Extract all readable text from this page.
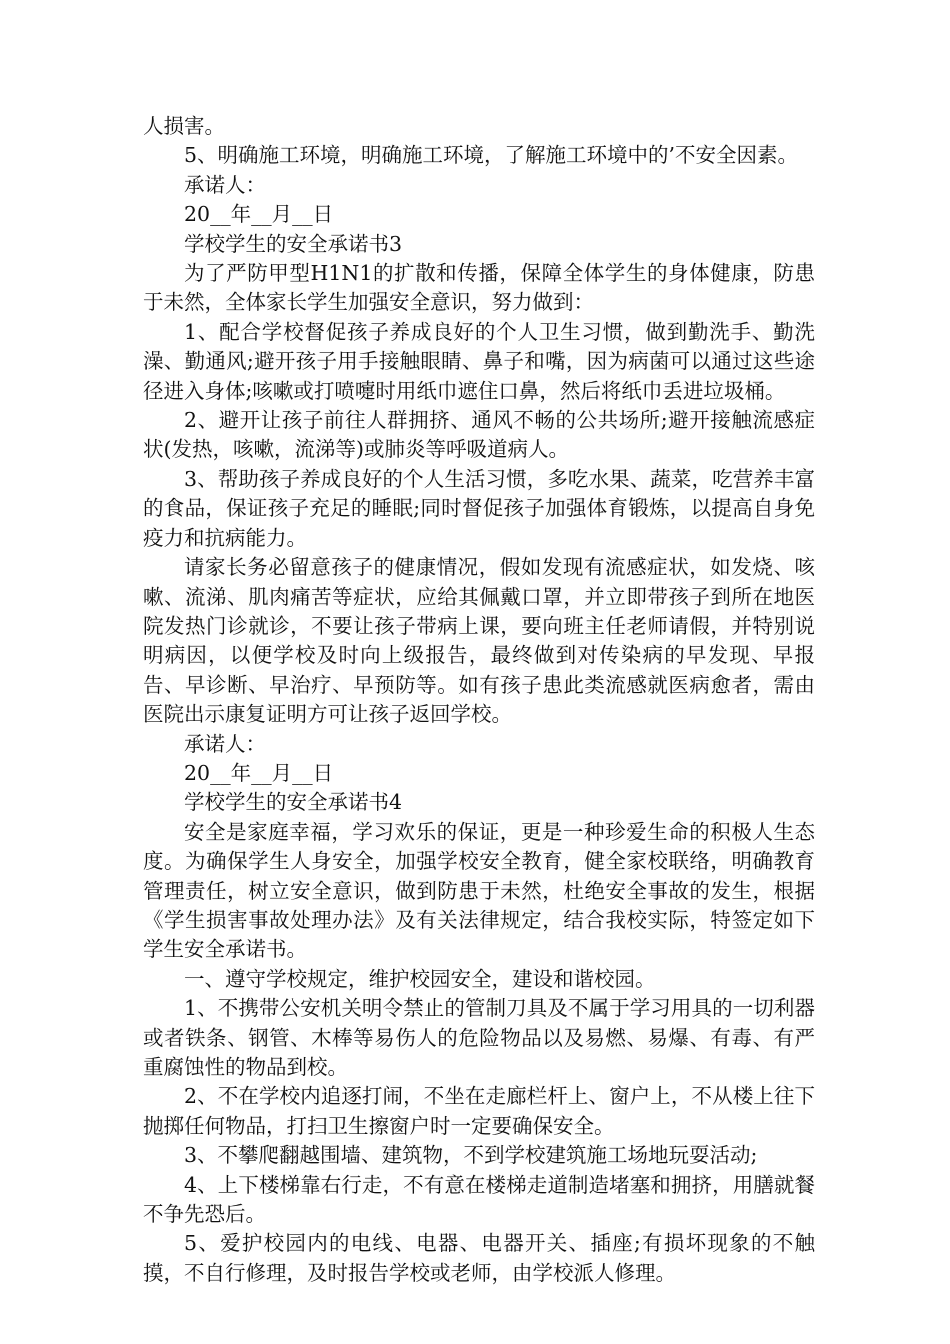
人损害。

5、明确施工环境，明确施工环境，了解施工环境中的’不安全因素。

承诺人：

20__年__月__日

学校学生的安全承诺书3

为了严防甲型H1N1的扩散和传播，保障全体学生的身体健康，防患于未然，全体家长学生加强安全意识，努力做到：

1、配合学校督促孩子养成良好的个人卫生习惯，做到勤洗手、勤洗澡、勤通风;避开孩子用手接触眼睛、鼻子和嘴，因为病菌可以通过这些途径进入身体;咳嗽或打喷嚏时用纸巾遮住口鼻，然后将纸巾丢进垃圾桶。

2、避开让孩子前往人群拥挤、通风不畅的公共场所;避开接触流感症状(发热，咳嗽，流涕等)或肺炎等呼吸道病人。

3、帮助孩子养成良好的个人生活习惯，多吃水果、蔬菜，吃营养丰富的食品，保证孩子充足的睡眠;同时督促孩子加强体育锻炼，以提高自身免疫力和抗病能力。

请家长务必留意孩子的健康情况，假如发现有流感症状，如发烧、咳嗽、流涕、肌肉痛苦等症状，应给其佩戴口罩，并立即带孩子到所在地医院发热门诊就诊，不要让孩子带病上课，要向班主任老师请假，并特别说明病因，以便学校及时向上级报告，最终做到对传染病的早发现、早报告、早诊断、早治疗、早预防等。如有孩子患此类流感就医病愈者，需由医院出示康复证明方可让孩子返回学校。

承诺人：

20__年__月__日

学校学生的安全承诺书4

安全是家庭幸福，学习欢乐的保证，更是一种珍爱生命的积极人生态度。为确保学生人身安全，加强学校安全教育，健全家校联络，明确教育管理责任，树立安全意识，做到防患于未然，杜绝安全事故的发生，根据《学生损害事故处理办法》及有关法律规定，结合我校实际，特签定如下学生安全承诺书。

一、遵守学校规定，维护校园安全，建设和谐校园。

1、不携带公安机关明令禁止的管制刀具及不属于学习用具的一切利器或者铁条、钢管、木棒等易伤人的危险物品以及易燃、易爆、有毒、有严重腐蚀性的物品到校。

2、不在学校内追逐打闹，不坐在走廊栏杆上、窗户上，不从楼上往下抛掷任何物品，打扫卫生擦窗户时一定要确保安全。

3、不攀爬翻越围墙、建筑物，不到学校建筑施工场地玩耍活动;

4、上下楼梯靠右行走，不有意在楼梯走道制造堵塞和拥挤，用膳就餐不争先恐后。

5、爱护校园内的电线、电器、电器开关、插座;有损坏现象的不触摸，不自行修理，及时报告学校或老师，由学校派人修理。
